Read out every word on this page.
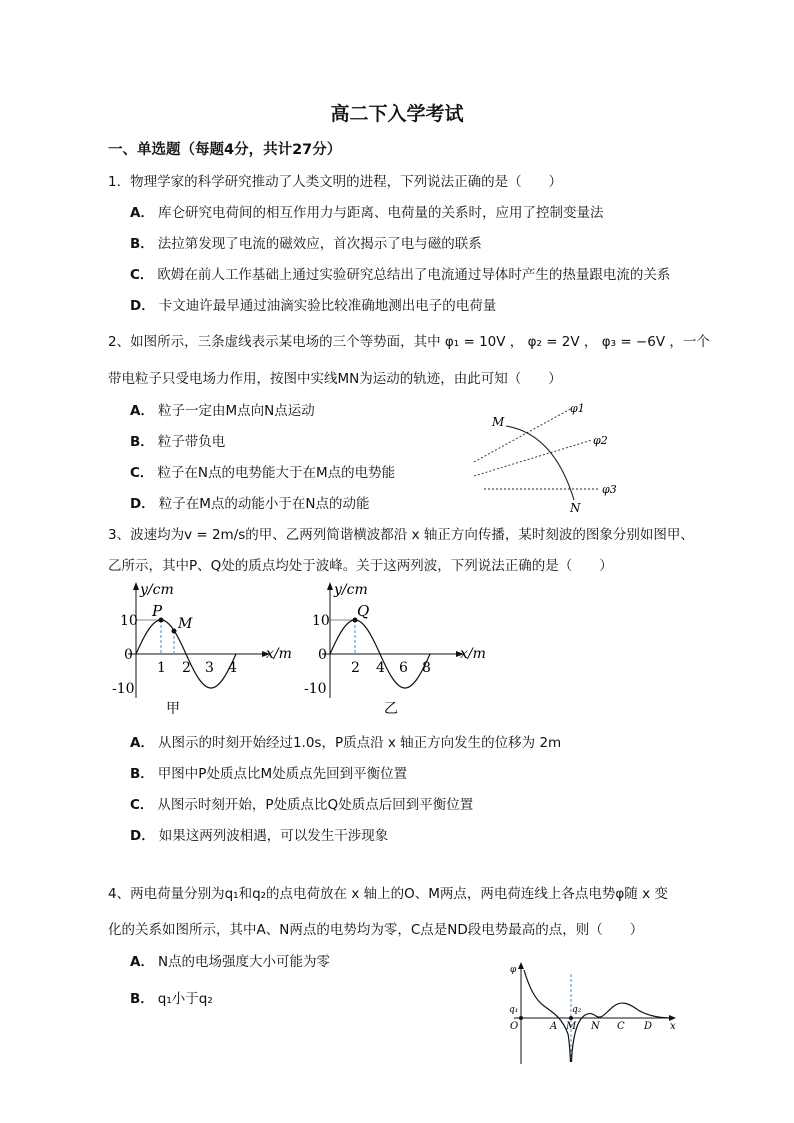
高二下入学考试
一、单选题（每题4分，共计27分）
1．物理学家的科学研究推动了人类文明的进程，下列说法正确的是（　　）
A． 库仑研究电荷间的相互作用力与距离、电荷量的关系时，应用了控制变量法
B． 法拉第发现了电流的磁效应，首次揭示了电与磁的联系
C． 欧姆在前人工作基础上通过实验研究总结出了电流通过导体时产生的热量跟电流的关系
D． 卡文迪许最早通过油滴实验比较准确地测出电子的电荷量
2、如图所示，三条虚线表示某电场的三个等势面，其中 φ₁ = 10V ， φ₂ = 2V ， φ₃ = −6V ，一个
带电粒子只受电场力作用，按图中实线MN为运动的轨迹，由此可知（　　）
A． 粒子一定由M点向N点运动
B． 粒子带负电
C． 粒子在N点的电势能大于在M点的电势能
D． 粒子在M点的动能小于在N点的动能
M
N
φ1
φ2
φ3
3、波速均为v = 2m/s的甲、乙两列简谐横波都沿 x 轴正方向传播，某时刻波的图象分别如图甲、
乙所示，其中P、Q处的质点均处于波峰。关于这两列波，下列说法正确的是（　　）
y/cm
x/m
10
0
-10
1 2 3 4
P
M
甲
y/cm
x/m
10
0
-10
2 4 6 8
Q
乙
A． 从图示的时刻开始经过1.0s，P质点沿 x 轴正方向发生的位移为 2m
B． 甲图中P处质点比M处质点先回到平衡位置
C． 从图示时刻开始，P处质点比Q处质点后回到平衡位置
D． 如果这两列波相遇，可以发生干涉现象
4、两电荷量分别为q₁和q₂的点电荷放在 x 轴上的O、M两点，两电荷连线上各点电势φ随 x 变
化的关系如图所示，其中A、N两点的电势均为零，C点是ND段电势最高的点，则（　　）
A． N点的电场强度大小可能为零
B． q₁小于q₂
φ
q₁	q₂
O	A M N C D x
